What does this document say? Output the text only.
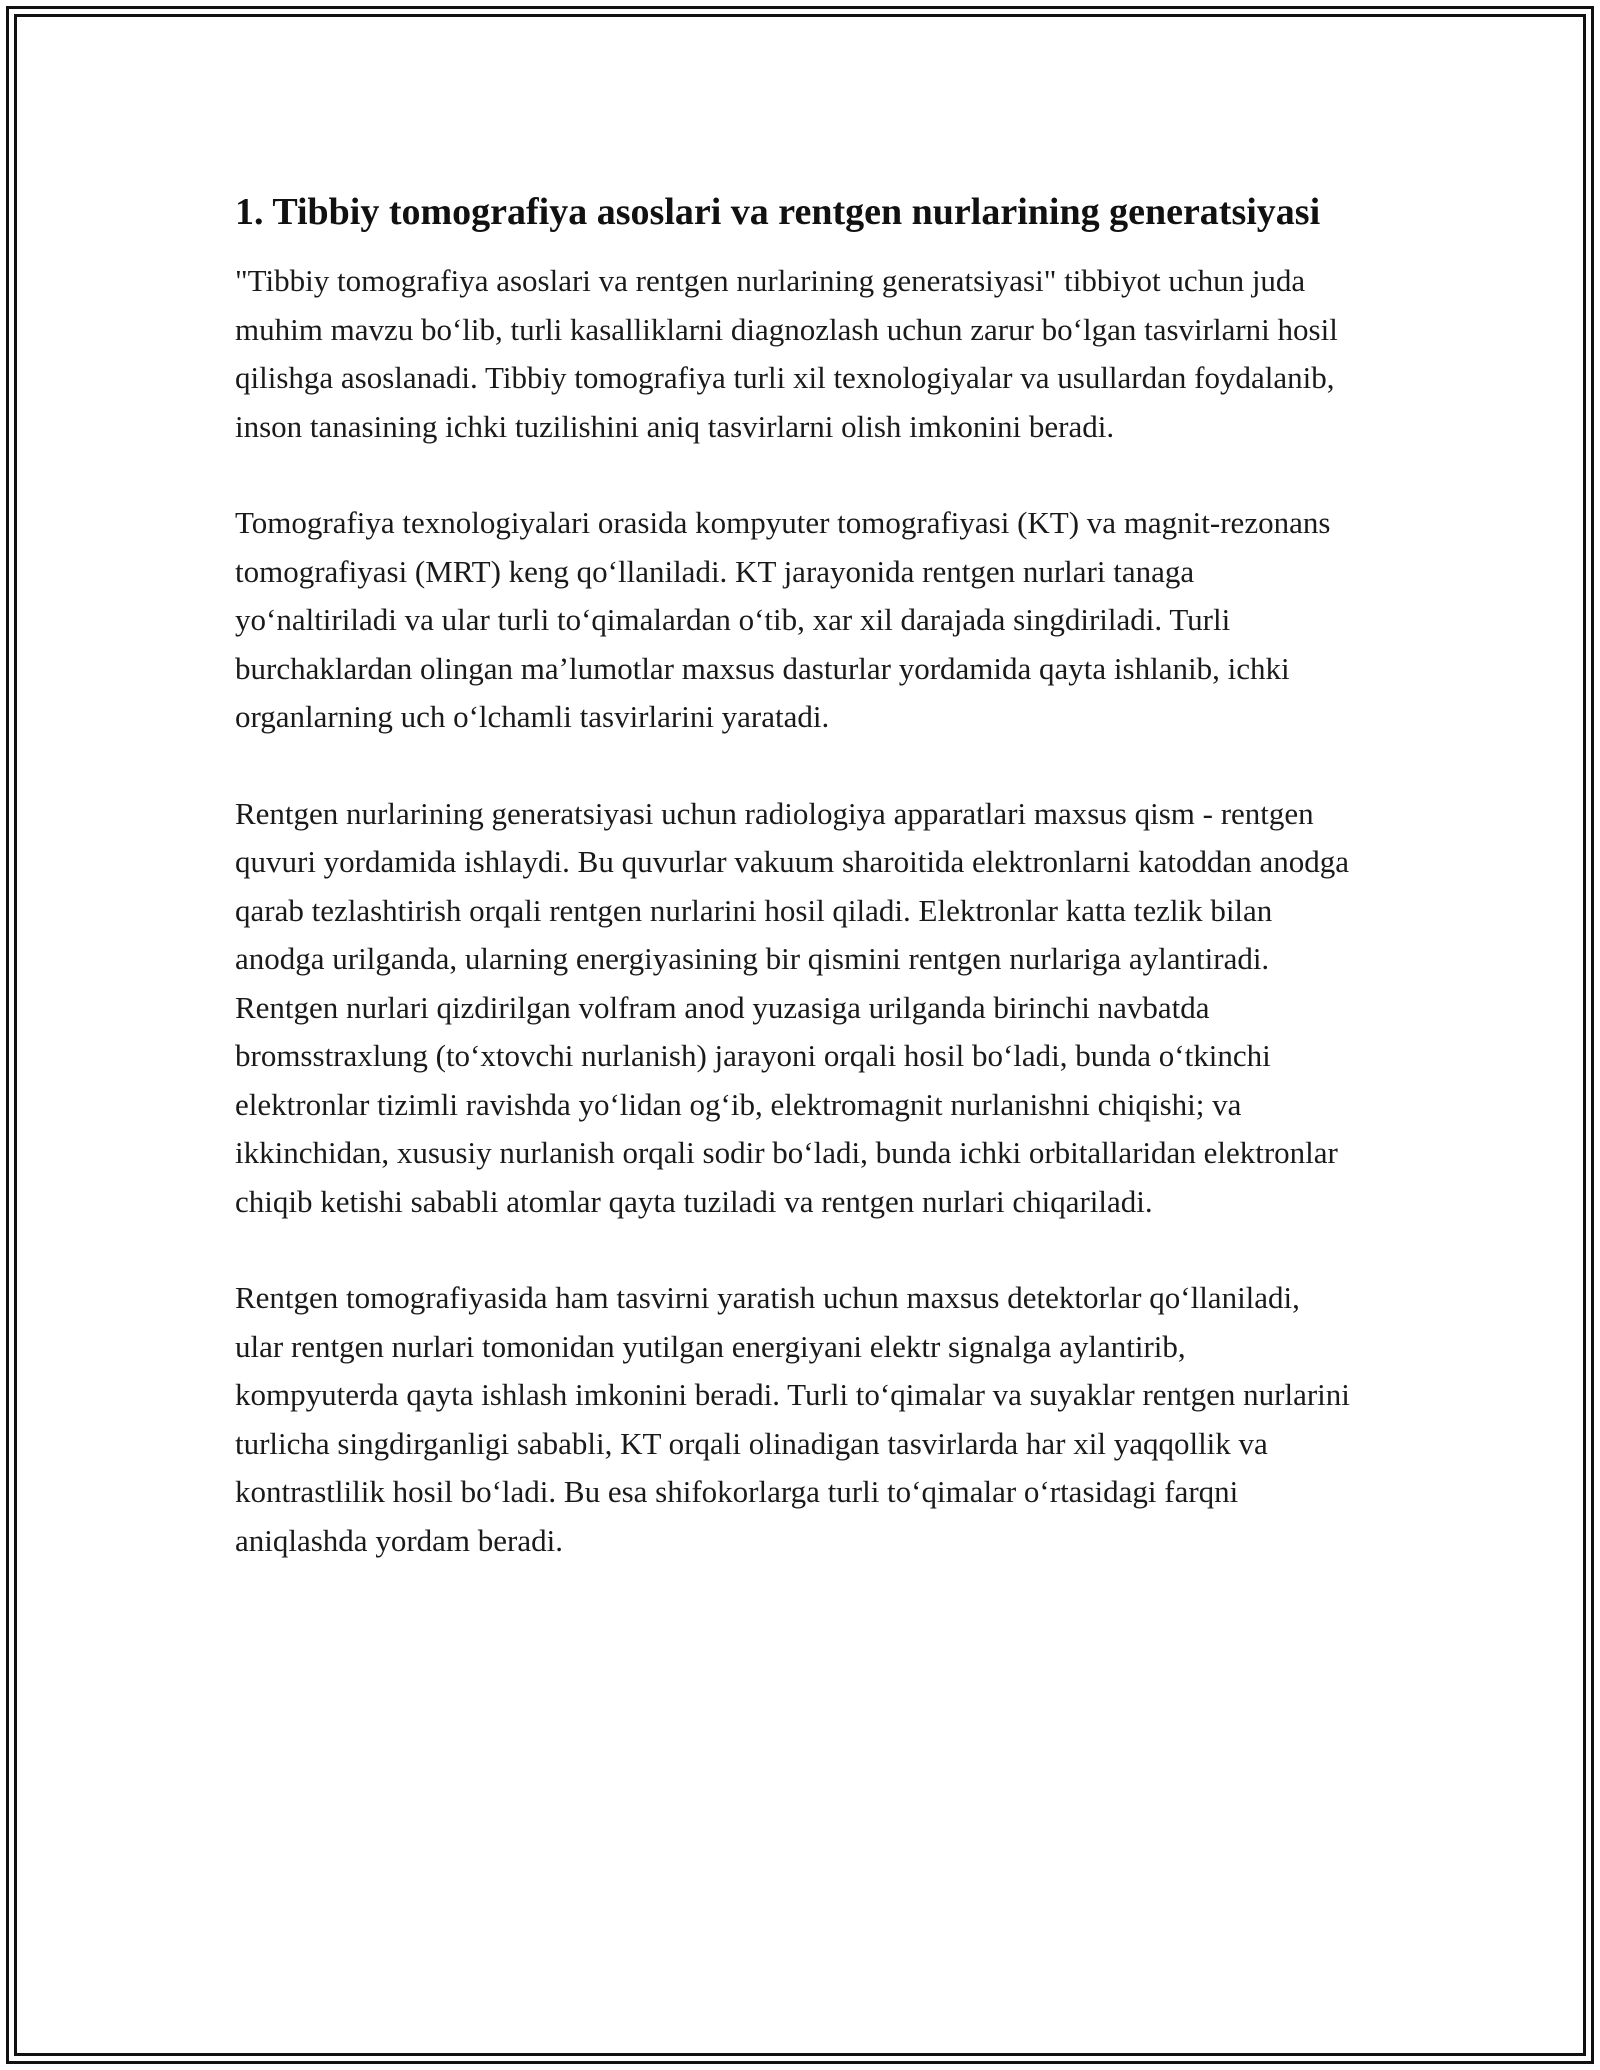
1. Tibbiy tomografiya asoslari va rentgen nurlarining generatsiyasi

"Tibbiy tomografiya asoslari va rentgen nurlarining generatsiyasi" tibbiyot uchun juda muhim mavzu boʻlib, turli kasalliklarni diagnozlash uchun zarur boʻlgan tasvirlarni hosil qilishga asoslanadi. Tibbiy tomografiya turli xil texnologiyalar va usullardan foydalanib, inson tanasining ichki tuzilishini aniq tasvirlarni olish imkonini beradi.

Tomografiya texnologiyalari orasida kompyuter tomografiyasi (KT) va magnit-rezonans tomografiyasi (MRT) keng qoʻllaniladi. KT jarayonida rentgen nurlari tanaga yoʻnaltiriladi va ular turli toʻqimalardan oʻtib, xar xil darajada singdiriladi. Turli burchaklardan olingan maʼlumotlar maxsus dasturlar yordamida qayta ishlanib, ichki organlarning uch oʻlchamli tasvirlarini yaratadi.

Rentgen nurlarining generatsiyasi uchun radiologiya apparatlari maxsus qism - rentgen quvuri yordamida ishlaydi. Bu quvurlar vakuum sharoitida elektronlarni katoddan anodga qarab tezlashtirish orqali rentgen nurlarini hosil qiladi. Elektronlar katta tezlik bilan anodga urilganda, ularning energiyasining bir qismini rentgen nurlariga aylantiradi. Rentgen nurlari qizdirilgan volfram anod yuzasiga urilganda birinchi navbatda bromsstraxlung (toʻxtovchi nurlanish) jarayoni orqali hosil boʻladi, bunda oʻtkinchi elektronlar tizimli ravishda yoʻlidan ogʻib, elektromagnit nurlanishni chiqishi; va ikkinchidan, xususiy nurlanish orqali sodir boʻladi, bunda ichki orbitallaridan elektronlar chiqib ketishi sababli atomlar qayta tuziladi va rentgen nurlari chiqariladi.

Rentgen tomografiyasida ham tasvirni yaratish uchun maxsus detektorlar qoʻllaniladi, ular rentgen nurlari tomonidan yutilgan energiyani elektr signalga aylantirib, kompyuterda qayta ishlash imkonini beradi. Turli toʻqimalar va suyaklar rentgen nurlarini turlicha singdirganligi sababli, KT orqali olinadigan tasvirlarda har xil yaqqollik va kontrastlilik hosil boʻladi. Bu esa shifokorlarga turli toʻqimalar oʻrtasidagi farqni aniqlashda yordam beradi.
